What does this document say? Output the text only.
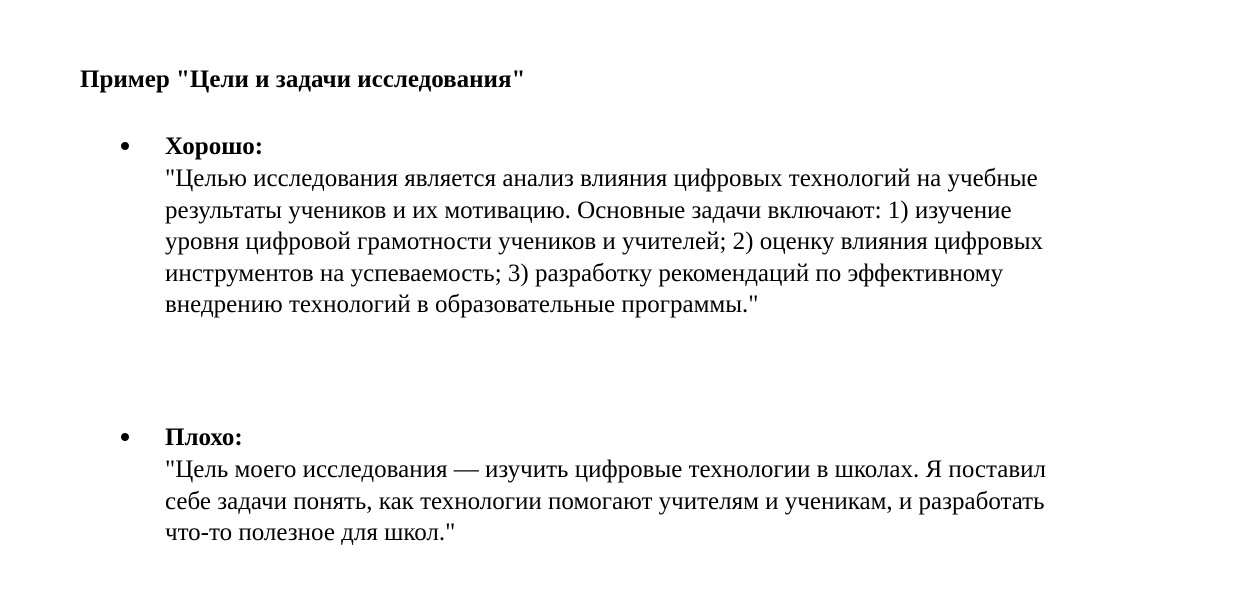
Пример "Цели и задачи исследования"

Хорошо:

"Целью исследования является анализ влияния цифровых технологий на учебные
результаты учеников и их мотивацию. Основные задачи включают: 1) изучение
уровня цифровой грамотности учеников и учителей; 2) оценку влияния цифровых
инструментов на успеваемость; 3) разработку рекомендаций по эффективному
внедрению технологий в образовательные программы."

Плохо:

"Цель моего исследования — изучить цифровые технологии в школах. Я поставил
себе задачи понять, как технологии помогают учителям и ученикам, и разработать
что-то полезное для школ."
